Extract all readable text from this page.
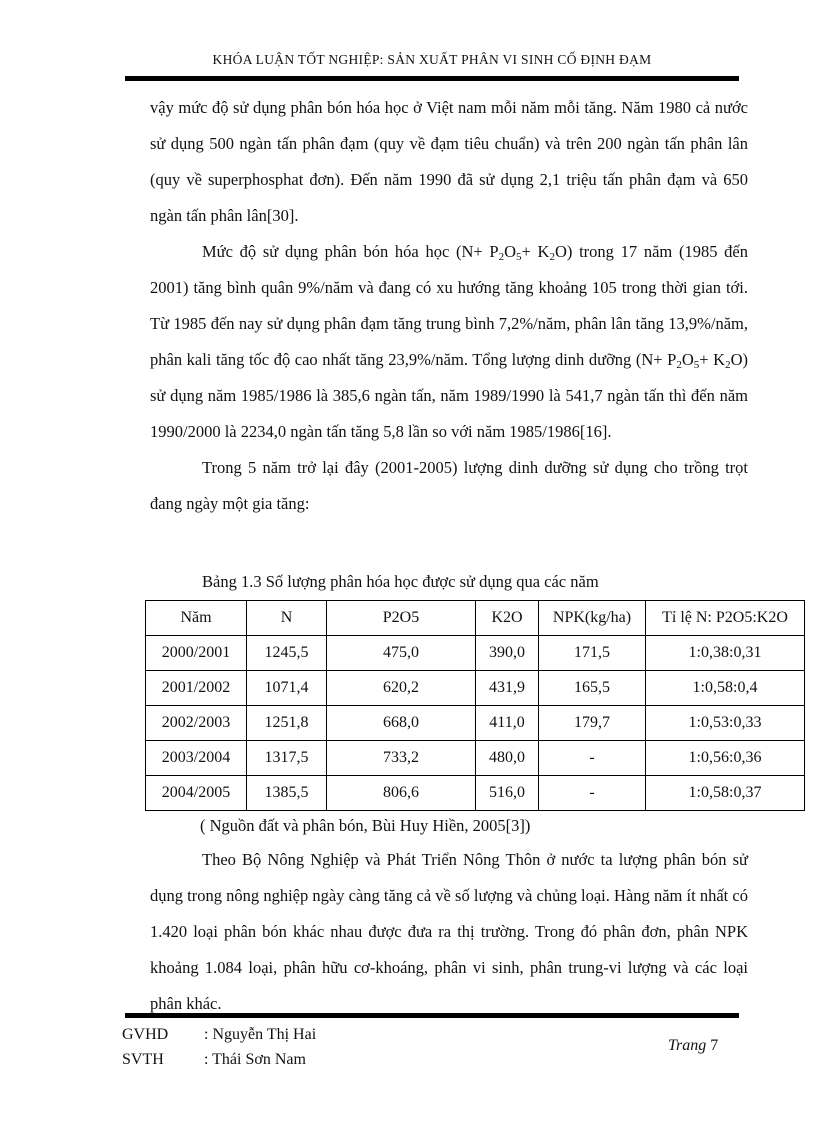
KHÓA LUẬN TỐT NGHIỆP: SẢN XUẤT PHÂN VI SINH CỐ ĐỊNH ĐẠM

vậy mức độ sử dụng phân bón hóa học ở Việt nam mỗi năm mỗi tăng. Năm 1980 cả nước sử dụng 500 ngàn tấn phân đạm (quy về đạm tiêu chuẩn) và trên 200 ngàn tấn phân lân (quy về superphosphat đơn). Đến năm 1990 đã sử dụng 2,1 triệu tấn phân đạm và 650 ngàn tấn phân lân[30].

Mức độ sử dụng phân bón hóa học $(N+ P_2O_5+ K_2O)$ trong 17 năm (1985 đến 2001) tăng bình quân 9%/năm và đang có xu hướng tăng khoảng 105 trong thời gian tới. Từ 1985 đến nay sử dụng phân đạm tăng trung bình 7,2%/năm, phân lân tăng 13,9%/năm, phân kali tăng tốc độ cao nhất tăng 23,9%/năm. Tổng lượng dinh dưỡng $(N+ P_2O_5+ K_2O)$ sử dụng năm 1985/1986 là 385,6 ngàn tấn, năm 1989/1990 là 541,7 ngàn tấn thì đến năm 1990/2000 là 2234,0 ngàn tấn tăng 5,8 lần so với năm 1985/1986[16].

Trong 5 năm trở lại đây (2001-2005) lượng dinh dưỡng sử dụng cho trồng trọt đang ngày một gia tăng:

Bảng 1.3 Số lượng phân hóa học được sử dụng qua các năm
Năm	N	P2O5	K2O	NPK(kg/ha)	Tỉ lệ N: P2O5:K2O
2000/2001	1245,5	475,0	390,0	171,5	1:0,38:0,31
2001/2002	1071,4	620,2	431,9	165,5	1:0,58:0,4
2002/2003	1251,8	668,0	411,0	179,7	1:0,53:0,33
2003/2004	1317,5	733,2	480,0	-	1:0,56:0,36
2004/2005	1385,5	806,6	516,0	-	1:0,58:0,37
( Nguồn đất và phân bón, Bùi Huy Hiền, 2005[3])

Theo Bộ Nông Nghiệp và Phát Triển Nông Thôn ở nước ta lượng phân bón sử dụng trong nông nghiệp ngày càng tăng cả về số lượng và chủng loại. Hàng năm ít nhất có 1.420 loại phân bón khác nhau được đưa ra thị trường. Trong đó phân đơn, phân NPK khoảng 1.084 loại, phân hữu cơ-khoáng, phân vi sinh, phân trung-vi lượng và các loại phân khác.

GVHD : Nguyễn Thị Hai
SVTH	: Thái Sơn Nam
Trang 7
